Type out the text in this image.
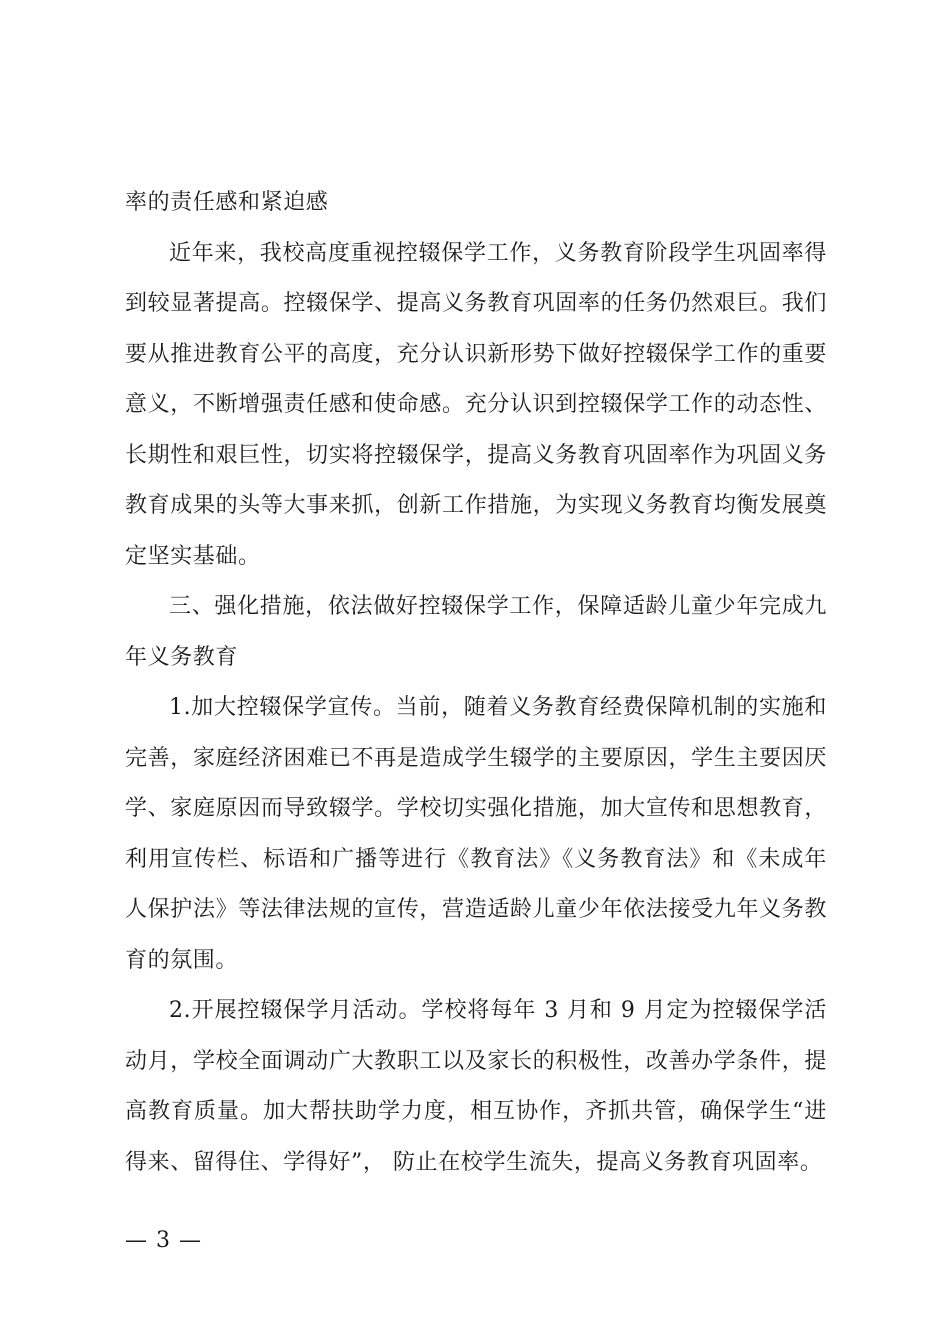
率的责任感和紧迫感

近年来，我校高度重视控辍保学工作，义务教育阶段学生巩固率得到较显著提高。控辍保学、提高义务教育巩固率的任务仍然艰巨。我们要从推进教育公平的高度，充分认识新形势下做好控辍保学工作的重要意义，不断增强责任感和使命感。充分认识到控辍保学工作的动态性、长期性和艰巨性，切实将控辍保学，提高义务教育巩固率作为巩固义务教育成果的头等大事来抓，创新工作措施，为实现义务教育均衡发展奠定坚实基础。

三、强化措施，依法做好控辍保学工作，保障适龄儿童少年完成九年义务教育

1.加大控辍保学宣传。当前，随着义务教育经费保障机制的实施和完善，家庭经济困难已不再是造成学生辍学的主要原因，学生主要因厌学、家庭原因而导致辍学。学校切实强化措施，加大宣传和思想教育，利用宣传栏、标语和广播等进行《教育法》《义务教育法》和《未成年人保护法》等法律法规的宣传，营造适龄儿童少年依法接受九年义务教育的氛围。

2.开展控辍保学月活动。学校将每年 3 月和 9 月定为控辍保学活动月，学校全面调动广大教职工以及家长的积极性，改善办学条件，提高教育质量。加大帮扶助学力度，相互协作，齐抓共管，确保学生“进得来、留得住、学得好”， 防止在校学生流失，提高义务教育巩固率。

— 3 —
